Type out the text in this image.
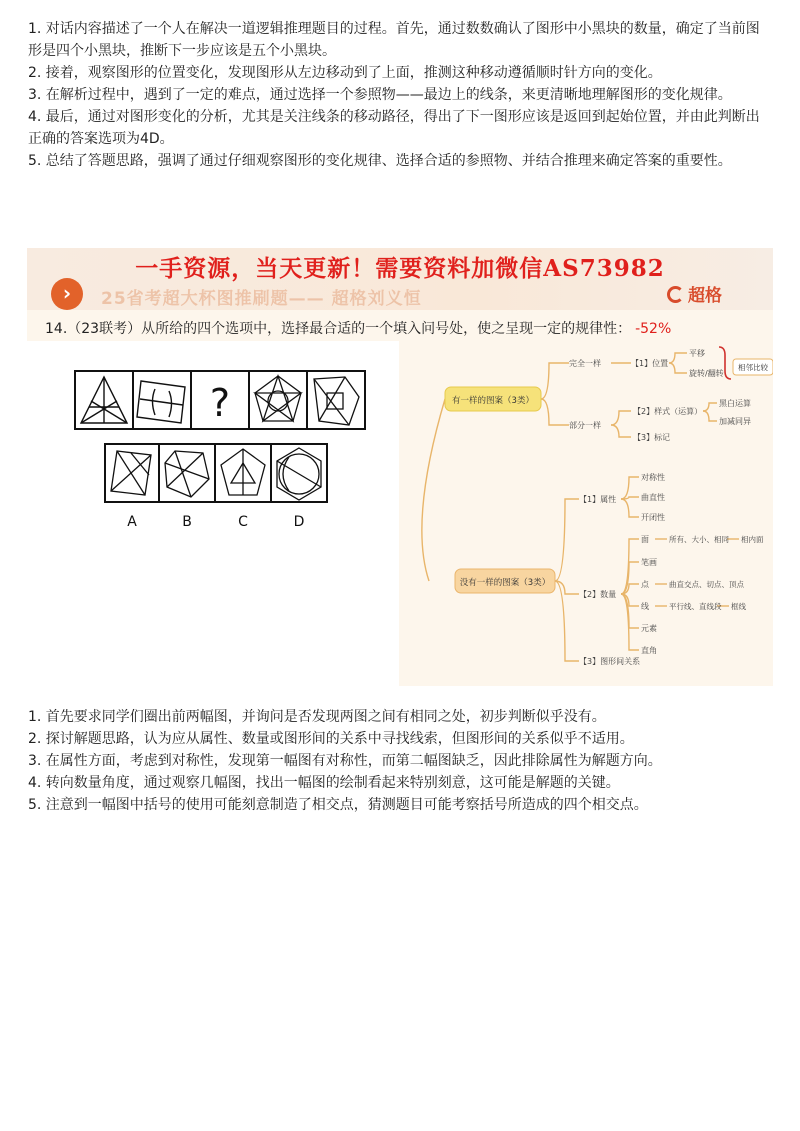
1. 对话内容描述了一个人在解决一道逻辑推理题目的过程。首先，通过数数确认了图形中小黑块的数量，确定了当前图形是四个小黑块，推断下一步应该是五个小黑块。

2. 接着，观察图形的位置变化，发现图形从左边移动到了上面，推测这种移动遵循顺时针方向的变化。

3. 在解析过程中，遇到了一定的难点，通过选择一个参照物——最边上的线条，来更清晰地理解图形的变化规律。

4. 最后，通过对图形变化的分析，尤其是关注线条的移动路径，得出了下一图形应该是返回到起始位置，并由此判断出正确的答案选项为4D。

5. 总结了答题思路，强调了通过仔细观察图形的变化规律、选择合适的参照物、并结合推理来确定答案的重要性。

一手资源，当天更新！需要资料加微信AS73982
›	25省考超大杯图推刷题—— 超格刘义恒	超格
14.（23联考）从所给的四个选项中，选择最合适的一个填入问号处，使之呈现一定的规律性： -52%
?
A	B	C	D
有一样的图案（3类）
没有一样的图案（3类）
完全一样	【1】位置
平移
旋转/翻转
部分一样
【2】样式（运算）
黑白运算
加减同异
【3】标记
相邻比较
【1】属性
对称性
曲直性
开闭性
【2】数量
面	所有、大小、相同 相内面
笔画
点	曲直交点、切点、顶点
线	平行线、直线段 框线
元素
直角
【3】图形间关系

1. 首先要求同学们圈出前两幅图，并询问是否发现两图之间有相同之处，初步判断似乎没有。

2. 探讨解题思路，认为应从属性、数量或图形间的关系中寻找线索，但图形间的关系似乎不适用。

3. 在属性方面，考虑到对称性，发现第一幅图有对称性，而第二幅图缺乏，因此排除属性为解题方向。

4. 转向数量角度，通过观察几幅图，找出一幅图的绘制看起来特别刻意，这可能是解题的关键。

5. 注意到一幅图中括号的使用可能刻意制造了相交点，猜测题目可能考察括号所造成的四个相交点。
